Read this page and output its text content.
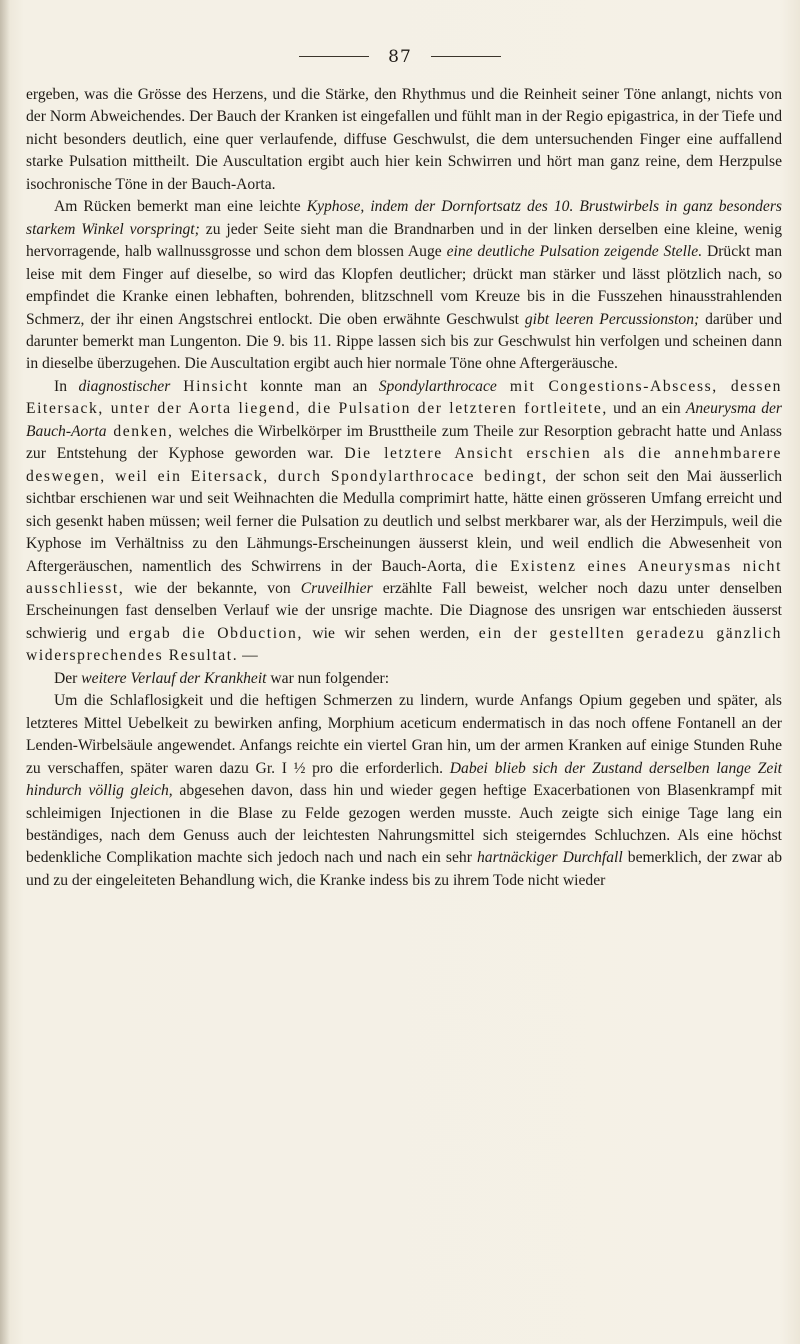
87

ergeben, was die Grösse des Herzens, und die Stärke, den Rhythmus und die Reinheit seiner Töne anlangt, nichts von der Norm Abweichendes. Der Bauch der Kranken ist eingefallen und fühlt man in der Regio epigastrica, in der Tiefe und nicht besonders deutlich, eine quer verlaufende, diffuse Geschwulst, die dem untersuchenden Finger eine auffallend starke Pulsation mittheilt. Die Auscultation ergibt auch hier kein Schwirren und hört man ganz reine, dem Herzpulse isochronische Töne in der Bauch-Aorta.

Am Rücken bemerkt man eine leichte Kyphose, indem der Dornfortsatz des 10. Brustwirbels in ganz besonders starkem Winkel vorspringt; zu jeder Seite sieht man die Brandnarben und in der linken derselben eine kleine, wenig hervorragende, halb wallnussgrosse und schon dem blossen Auge eine deutliche Pulsation zeigende Stelle. Drückt man leise mit dem Finger auf dieselbe, so wird das Klopfen deutlicher; drückt man stärker und lässt plötzlich nach, so empfindet die Kranke einen lebhaften, bohrenden, blitzschnell vom Kreuze bis in die Fusszehen hinausstrahlenden Schmerz, der ihr einen Angstschrei entlockt. Die oben erwähnte Geschwulst gibt leeren Percussionston; darüber und darunter bemerkt man Lungenton. Die 9. bis 11. Rippe lassen sich bis zur Geschwulst hin verfolgen und scheinen dann in dieselbe überzugehen. Die Auscultation ergibt auch hier normale Töne ohne Aftergeräusche.

In diagnostischer Hinsicht konnte man an Spondylarthrocace mit Congestions-Abscess, dessen Eitersack, unter der Aorta liegend, die Pulsation der letzteren fortleitete, und an ein Aneurysma der Bauch-Aorta denken, welches die Wirbelkörper im Brusttheile zum Theile zur Resorption gebracht hatte und Anlass zur Entstehung der Kyphose geworden war. Die letztere Ansicht erschien als die annehmbarere deswegen, weil ein Eitersack, durch Spondylarthrocace bedingt, der schon seit den Mai äusserlich sichtbar erschienen war und seit Weihnachten die Medulla comprimirt hatte, hätte einen grösseren Umfang erreicht und sich gesenkt haben müssen; weil ferner die Pulsation zu deutlich und selbst merkbarer war, als der Herzimpuls, weil die Kyphose im Verhältniss zu den Lähmungs-Erscheinungen äusserst klein, und weil endlich die Abwesenheit von Aftergeräuschen, namentlich des Schwirrens in der Bauch-Aorta, die Existenz eines Aneurysmas nicht ausschliesst, wie der bekannte, von Cruveilhier erzählte Fall beweist, welcher noch dazu unter denselben Erscheinungen fast denselben Verlauf wie der unsrige machte. Die Diagnose des unsrigen war entschieden äusserst schwierig und ergab die Obduction, wie wir sehen werden, ein der gestellten geradezu gänzlich widersprechendes Resultat. —

Der weitere Verlauf der Krankheit war nun folgender:

Um die Schlaflosigkeit und die heftigen Schmerzen zu lindern, wurde Anfangs Opium gegeben und später, als letzteres Mittel Uebelkeit zu bewirken anfing, Morphium aceticum endermatisch in das noch offene Fontanell an der Lenden-Wirbelsäule angewendet. Anfangs reichte ein viertel Gran hin, um der armen Kranken auf einige Stunden Ruhe zu verschaffen, später waren dazu Gr. I ½ pro die erforderlich. Dabei blieb sich der Zustand derselben lange Zeit hindurch völlig gleich, abgesehen davon, dass hin und wieder gegen heftige Exacerbationen von Blasenkrampf mit schleimigen Injectionen in die Blase zu Felde gezogen werden musste. Auch zeigte sich einige Tage lang ein beständiges, nach dem Genuss auch der leichtesten Nahrungsmittel sich steigerndes Schluchzen. Als eine höchst bedenkliche Complikation machte sich jedoch nach und nach ein sehr hartnäckiger Durchfall bemerklich, der zwar ab und zu der eingeleiteten Behandlung wich, die Kranke indess bis zu ihrem Tode nicht wieder
